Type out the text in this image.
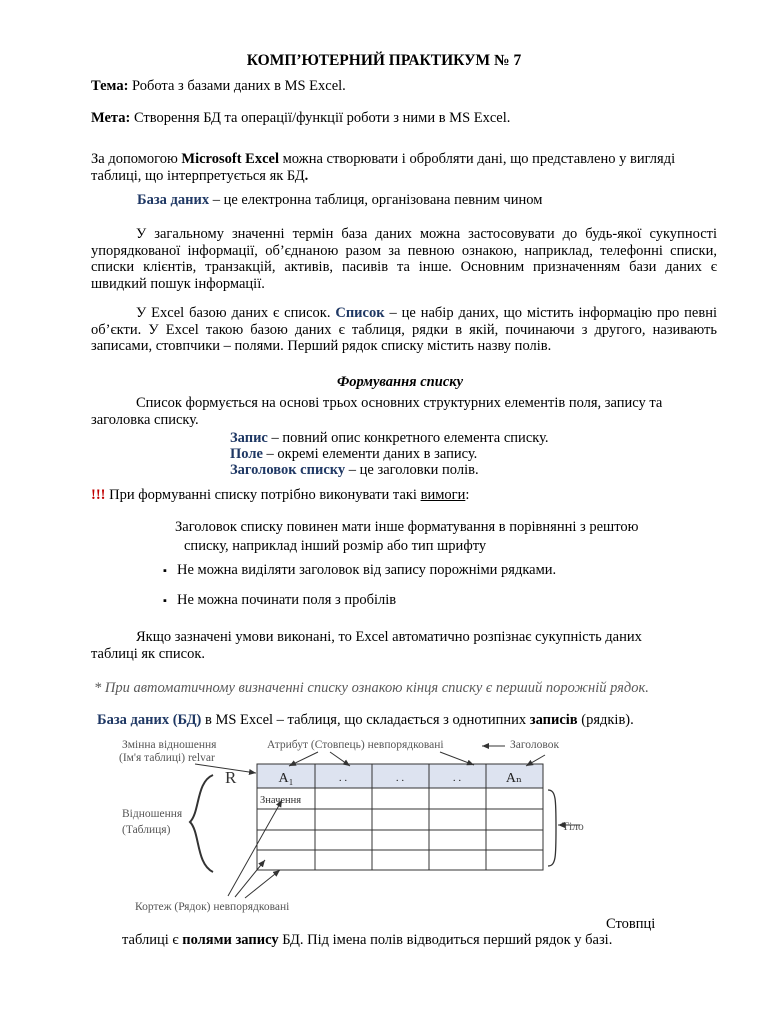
КОМП’ЮТЕРНИЙ ПРАКТИКУМ № 7
Тема: Робота з базами даних в MS Excel.
Мета: Створення БД та операції/функції роботи з ними в MS Excel.
За допомогою Microsoft Excel можна створювати і обробляти дані, що представлено у вигляді таблиці, що інтерпретується як БД.
База даних – це електронна таблиця, організована певним чином
У загальному значенні термін база даних можна застосовувати до будь-якої сукупності упорядкованої інформації, об’єднаною разом за певною ознакою, наприклад, телефонні списки, списки клієнтів, транзакцій, активів, пасивів та інше. Основним призначенням бази даних є швидкий пошук інформації.
У Excel базою даних є список. Список – це набір даних, що містить інформацію про певні об’єкти. У Excel такою базою даних є таблиця, рядки в якій, починаючи з другого, називають записами, стовпчики – полями. Перший рядок списку містить назву полів.
Формування списку
Список формується на основі трьох основних структурних елементів поля, запису та заголовка списку.
Запис – повний опис конкретного елемента списку.
Поле – окремі елементи даних в запису.
Заголовок списку – це заголовки полів.
!!! При формуванні списку потрібно виконувати такі вимоги:
Заголовок списку повинен мати інше форматування в порівнянні з рештою
списку, наприклад інший розмір або тип шрифту
▪ Не можна виділяти заголовок від запису порожніми рядками.
▪ Не можна починати поля з пробілів
Якщо зазначені умови виконані, то Excel автоматично розпізнає сукупність даних таблиці як список.
* При автоматичному визначенні списку ознакою кінця списку є перший порожній рядок.
База даних (БД) в MS Excel – таблиця, що складається з однотипних записів (рядків).
Змінна відношення
(Ім'я таблиці) relvar
Атрибут (Стовпець) невпорядковані	Заголовок
Відношення
(Таблиця)	Тіло
Кортеж (Рядок) невпорядковані
R	A₁	. .	. .	. .	Aₙ
Значення
Стовпці
таблиці є полями запису БД. Під імена полів відводиться перший рядок у базі.
